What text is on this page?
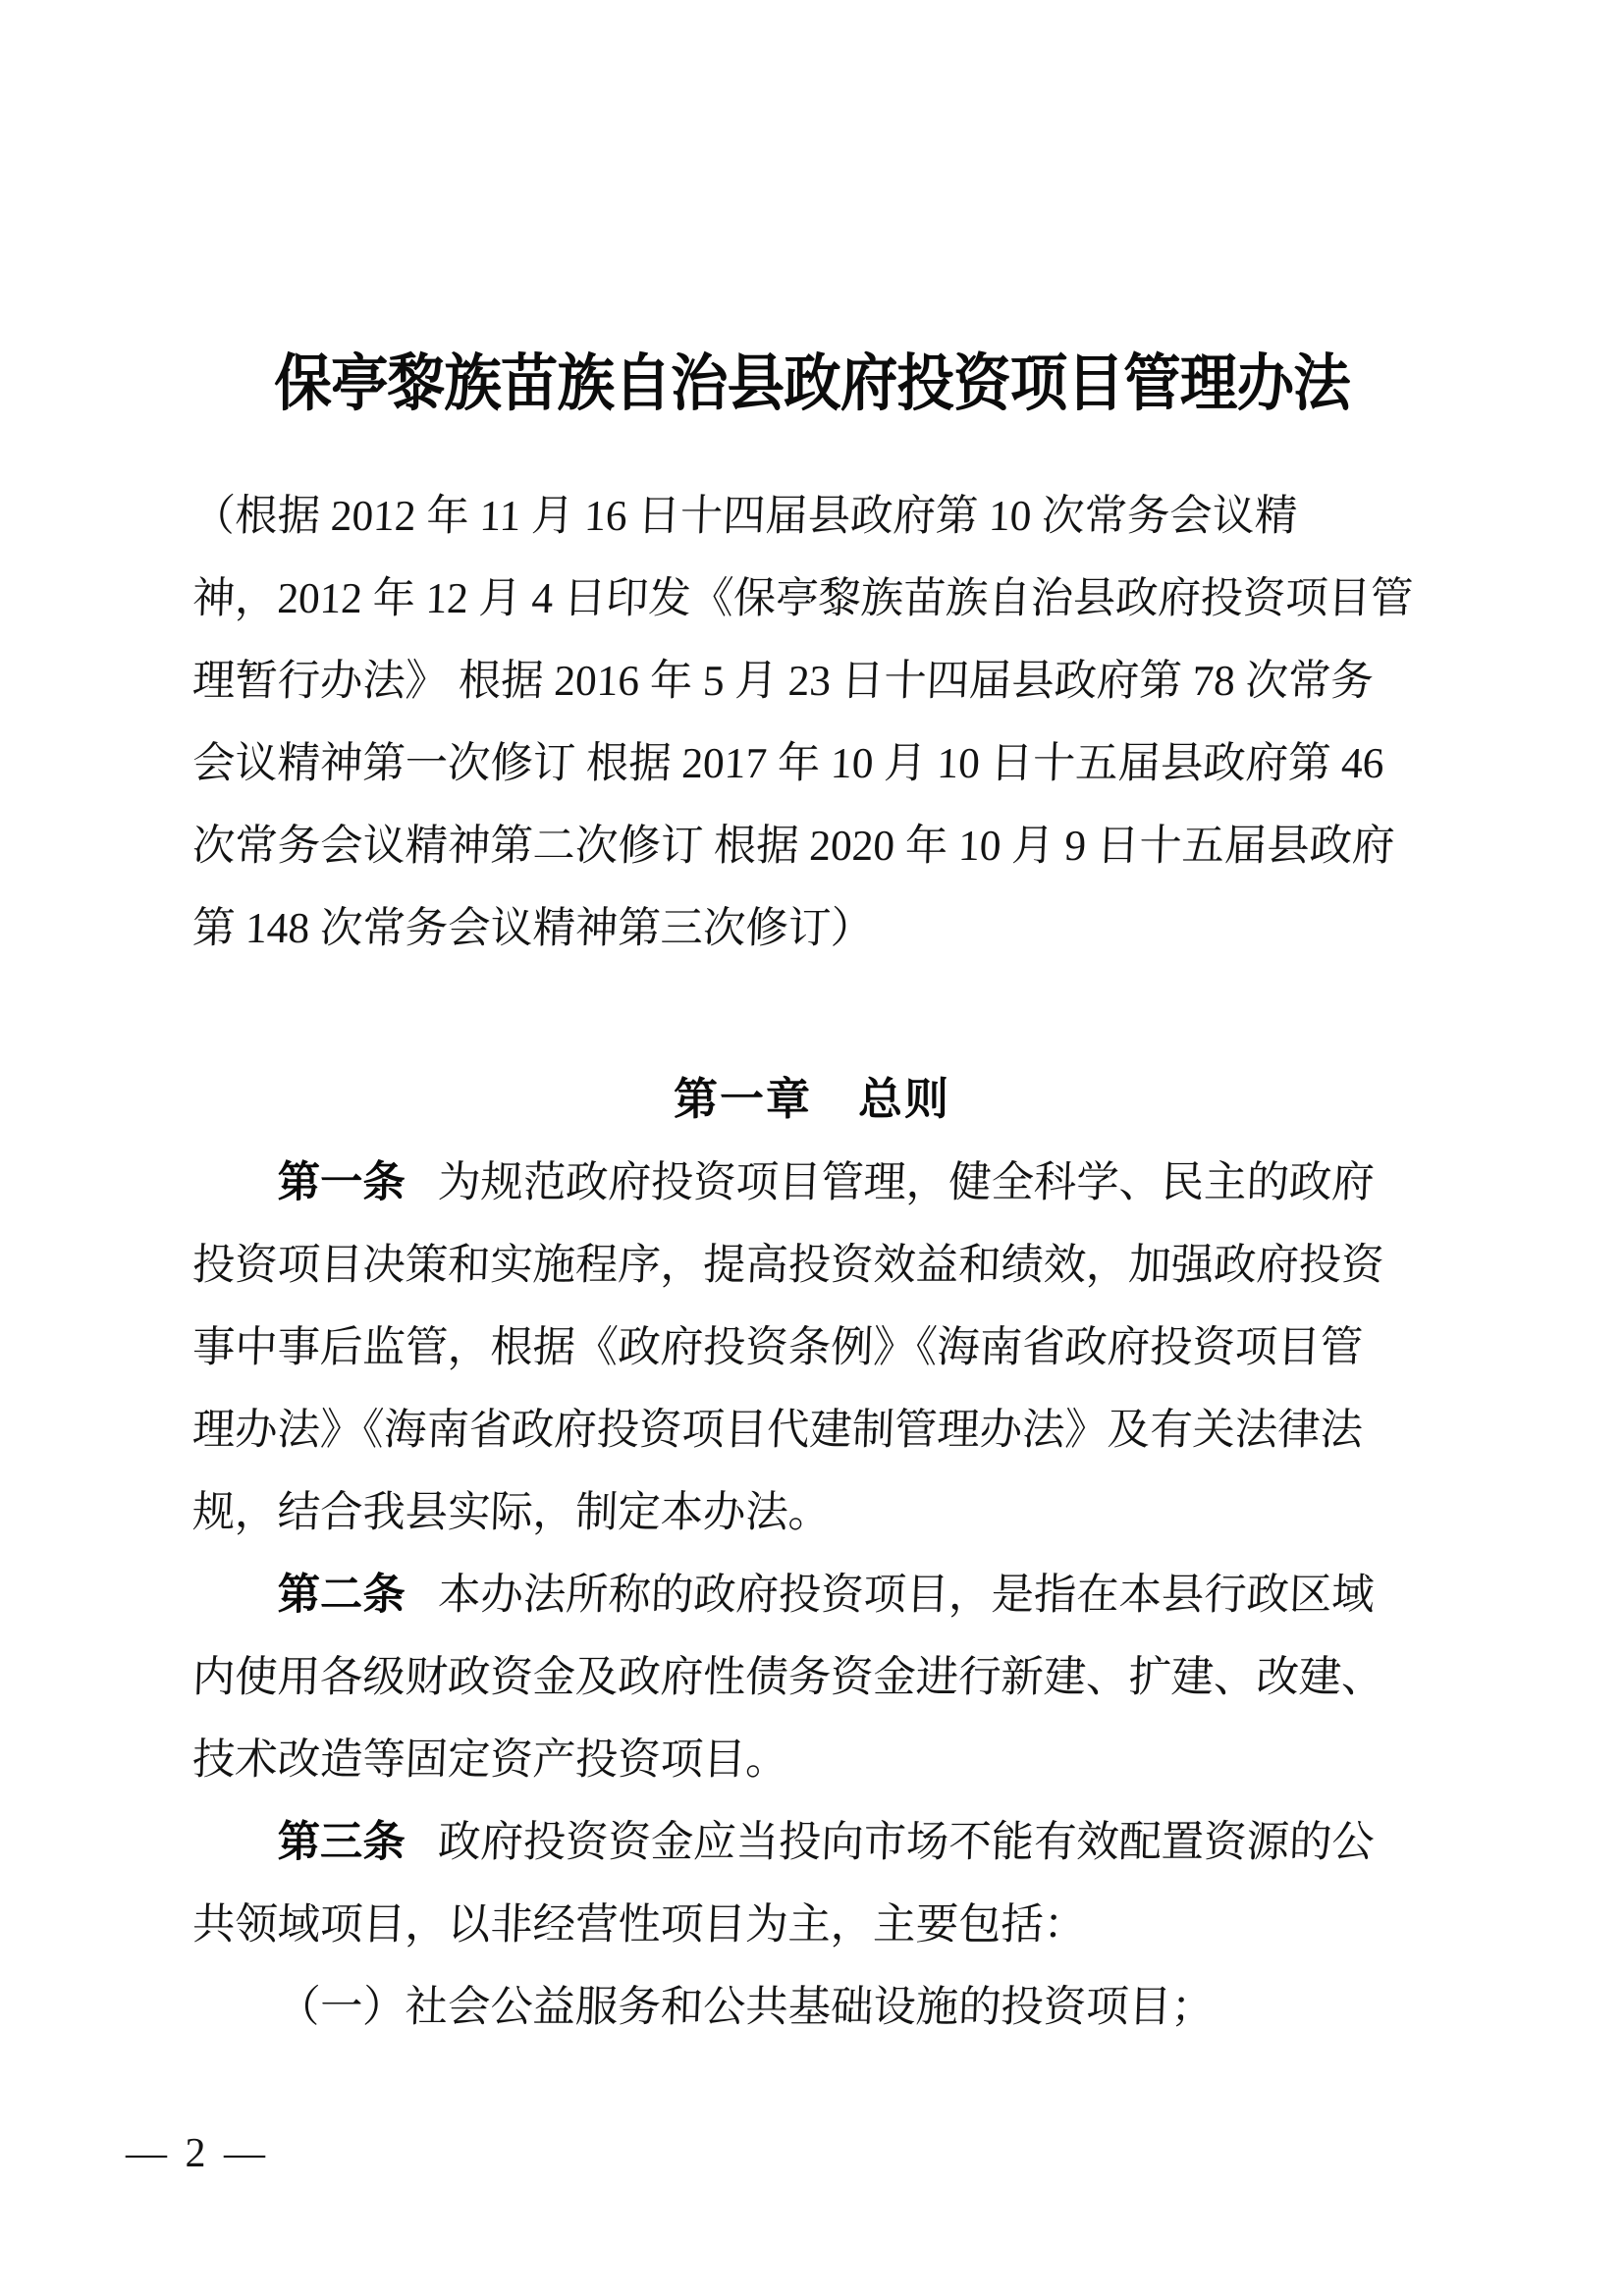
保亭黎族苗族自治县政府投资项目管理办法
（根据 2012 年 11 月 16 日十四届县政府第 10 次常务会议精
神，2012 年 12 月 4 日印发《保亭黎族苗族自治县政府投资项目管
理暂行办法》 根据 2016 年 5 月 23 日十四届县政府第 78 次常务
会议精神第一次修订 根据 2017 年 10 月 10 日十五届县政府第 46
次常务会议精神第二次修订 根据 2020 年 10 月 9 日十五届县政府
第 148 次常务会议精神第三次修订）
第一章　总则
第一条 为规范政府投资项目管理，健全科学、民主的政府
投资项目决策和实施程序，提高投资效益和绩效，加强政府投资
事中事后监管，根据《政府投资条例》《海南省政府投资项目管
理办法》《海南省政府投资项目代建制管理办法》及有关法律法
规，结合我县实际，制定本办法。
第二条 本办法所称的政府投资项目，是指在本县行政区域
内使用各级财政资金及政府性债务资金进行新建、扩建、改建、
技术改造等固定资产投资项目。
第三条 政府投资资金应当投向市场不能有效配置资源的公
共领域项目，以非经营性项目为主，主要包括：
（一）社会公益服务和公共基础设施的投资项目；
— 2 —
